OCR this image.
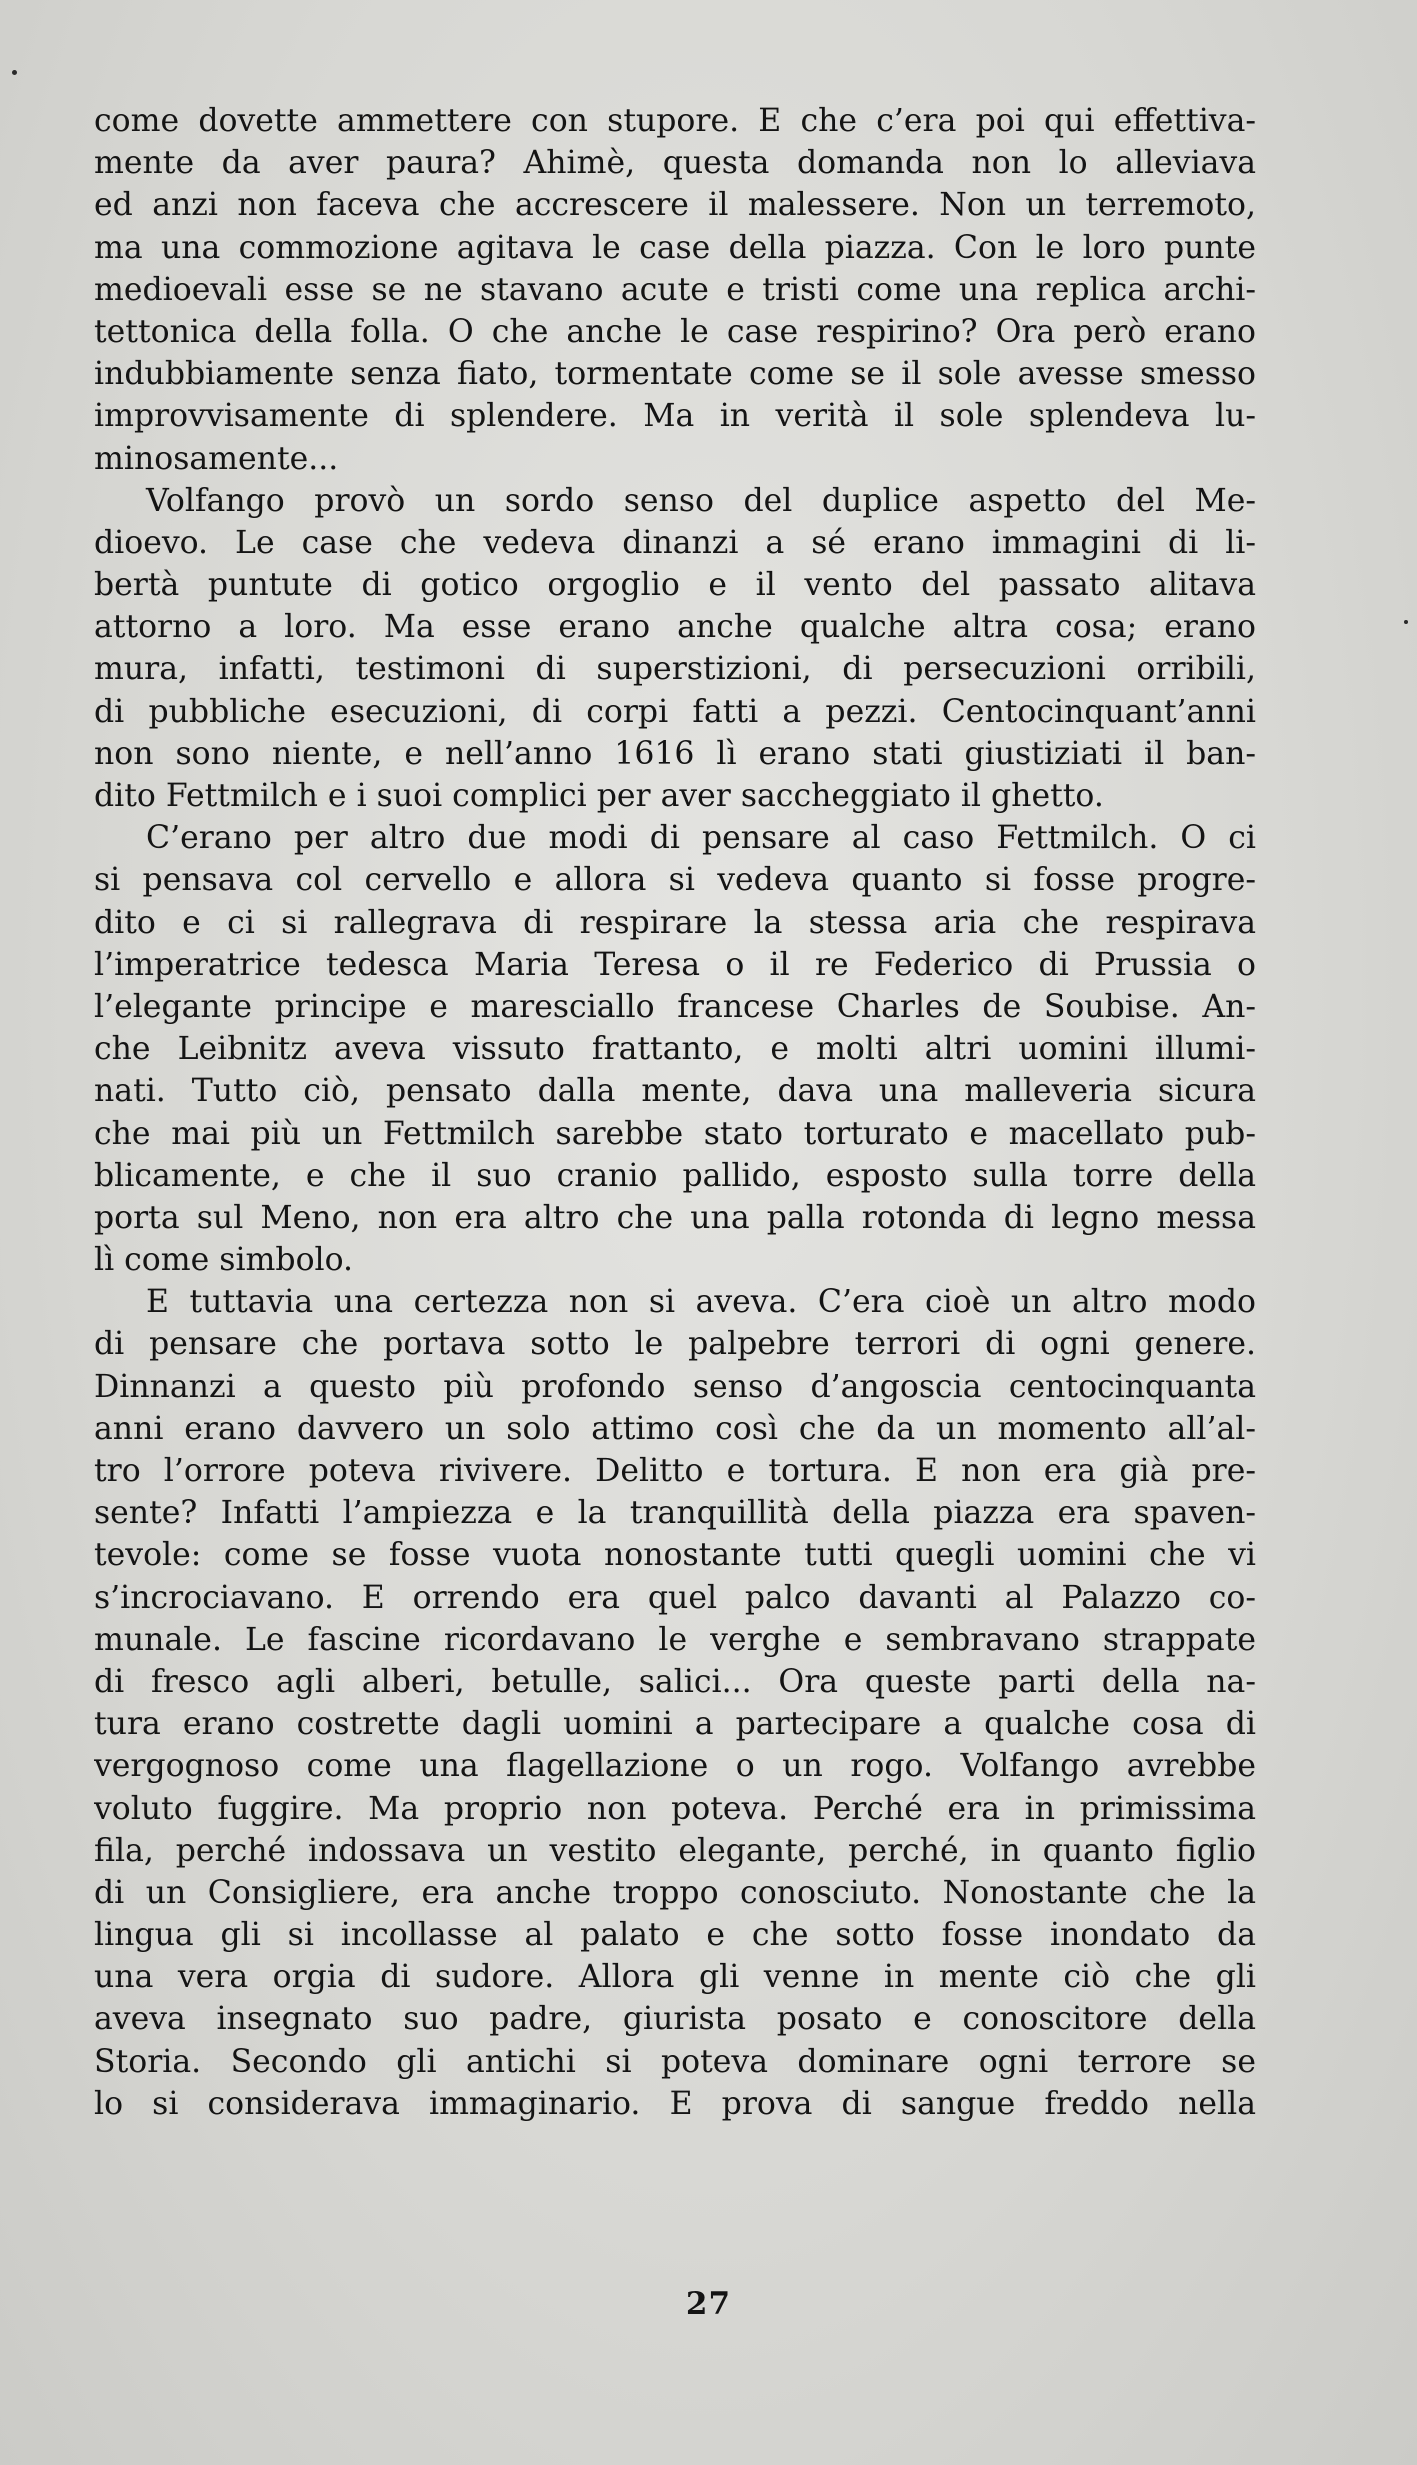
come dovette ammettere con stupore. E che c’era poi qui effettiva-
mente da aver paura? Ahimè, questa domanda non lo alleviava
ed anzi non faceva che accrescere il malessere. Non un terremoto,
ma una commozione agitava le case della piazza. Con le loro punte
medioevali esse se ne stavano acute e tristi come una replica archi-
tettonica della folla. O che anche le case respirino? Ora però erano
indubbiamente senza fiato, tormentate come se il sole avesse smesso
improvvisamente di splendere. Ma in verità il sole splendeva lu-
minosamente...
Volfango provò un sordo senso del duplice aspetto del Me-
dioevo. Le case che vedeva dinanzi a sé erano immagini di li-
bertà puntute di gotico orgoglio e il vento del passato alitava
attorno a loro. Ma esse erano anche qualche altra cosa; erano
mura, infatti, testimoni di superstizioni, di persecuzioni orribili,
di pubbliche esecuzioni, di corpi fatti a pezzi. Centocinquant’anni
non sono niente, e nell’anno 1616 lì erano stati giustiziati il ban-
dito Fettmilch e i suoi complici per aver saccheggiato il ghetto.
C’erano per altro due modi di pensare al caso Fettmilch. O ci
si pensava col cervello e allora si vedeva quanto si fosse progre-
dito e ci si rallegrava di respirare la stessa aria che respirava
l’imperatrice tedesca Maria Teresa o il re Federico di Prussia o
l’elegante principe e maresciallo francese Charles de Soubise. An-
che Leibnitz aveva vissuto frattanto, e molti altri uomini illumi-
nati. Tutto ciò, pensato dalla mente, dava una malleveria sicura
che mai più un Fettmilch sarebbe stato torturato e macellato pub-
blicamente, e che il suo cranio pallido, esposto sulla torre della
porta sul Meno, non era altro che una palla rotonda di legno messa
lì come simbolo.
E tuttavia una certezza non si aveva. C’era cioè un altro modo
di pensare che portava sotto le palpebre terrori di ogni genere.
Dinnanzi a questo più profondo senso d’angoscia centocinquanta
anni erano davvero un solo attimo così che da un momento all’al-
tro l’orrore poteva rivivere. Delitto e tortura. E non era già pre-
sente? Infatti l’ampiezza e la tranquillità della piazza era spaven-
tevole: come se fosse vuota nonostante tutti quegli uomini che vi
s’incrociavano. E orrendo era quel palco davanti al Palazzo co-
munale. Le fascine ricordavano le verghe e sembravano strappate
di fresco agli alberi, betulle, salici... Ora queste parti della na-
tura erano costrette dagli uomini a partecipare a qualche cosa di
vergognoso come una flagellazione o un rogo. Volfango avrebbe
voluto fuggire. Ma proprio non poteva. Perché era in primissima
fila, perché indossava un vestito elegante, perché, in quanto figlio
di un Consigliere, era anche troppo conosciuto. Nonostante che la
lingua gli si incollasse al palato e che sotto fosse inondato da
una vera orgia di sudore. Allora gli venne in mente ciò che gli
aveva insegnato suo padre, giurista posato e conoscitore della
Storia. Secondo gli antichi si poteva dominare ogni terrore se
lo si considerava immaginario. E prova di sangue freddo nella
27
